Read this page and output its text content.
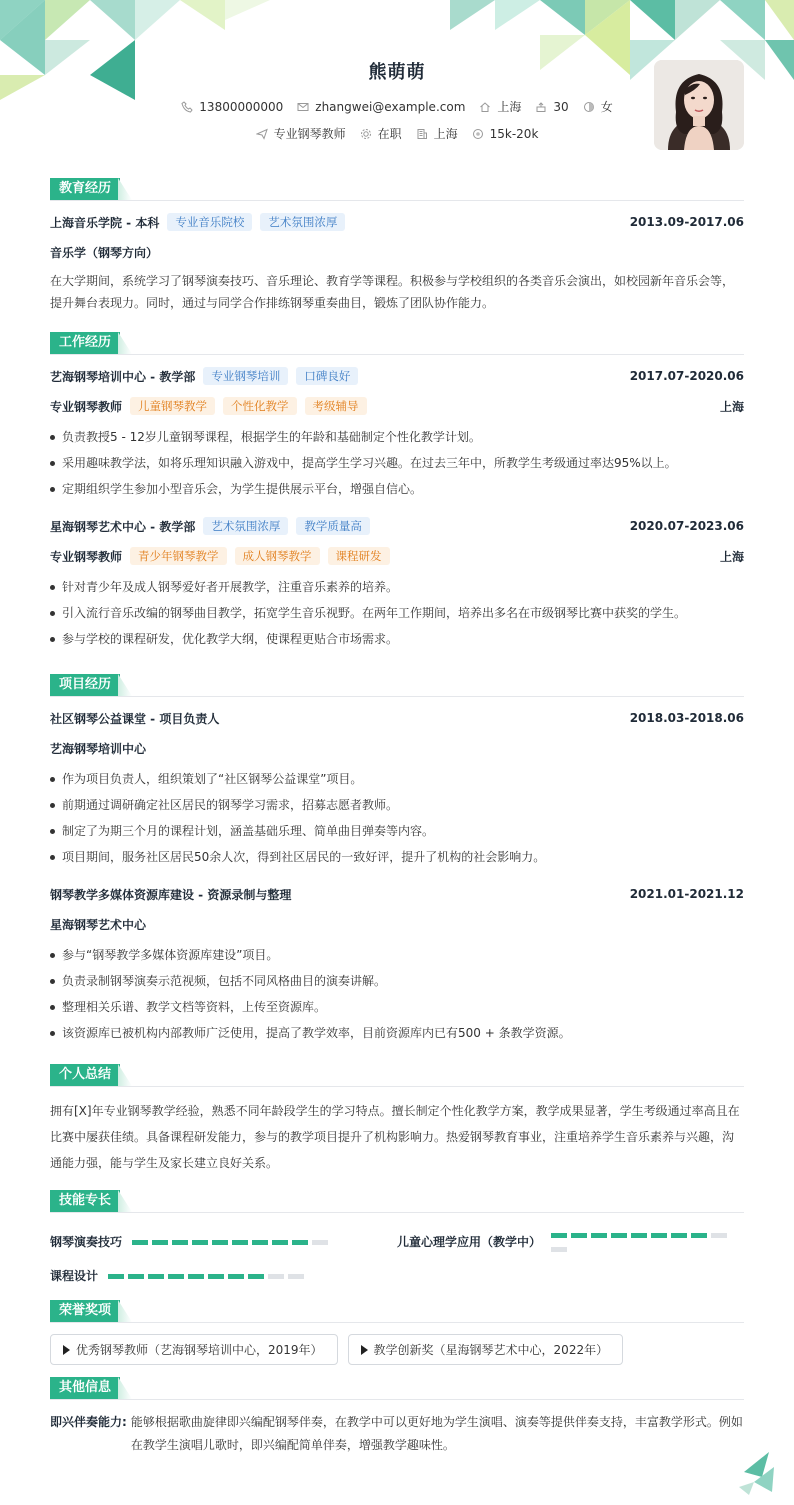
熊萌萌
13800000000	zhangwei@example.com	上海	30	女
专业钢琴教师	在职	上海	15k-20k
教育经历
上海音乐学院 - 本科	专业音乐院校	艺术氛围浓厚	2013.09-2017.06
音乐学（钢琴方向）

在大学期间，系统学习了钢琴演奏技巧、音乐理论、教育学等课程。积极参与学校组织的各类音乐会演出，如校园新年音乐会等，提升舞台表现力。同时，通过与同学合作排练钢琴重奏曲目，锻炼了团队协作能力。

工作经历
艺海钢琴培训中心 - 教学部	专业钢琴培训	口碑良好	2017.07-2020.06
专业钢琴教师	儿童钢琴教学	个性化教学	考级辅导	上海
负责教授5 - 12岁儿童钢琴课程，根据学生的年龄和基础制定个性化教学计划。
采用趣味教学法，如将乐理知识融入游戏中，提高学生学习兴趣。在过去三年中，所教学生考级通过率达95%以上。
定期组织学生参加小型音乐会，为学生提供展示平台，增强自信心。
星海钢琴艺术中心 - 教学部	艺术氛围浓厚	教学质量高	2020.07-2023.06
专业钢琴教师	青少年钢琴教学	成人钢琴教学	课程研发	上海
针对青少年及成人钢琴爱好者开展教学，注重音乐素养的培养。
引入流行音乐改编的钢琴曲目教学，拓宽学生音乐视野。在两年工作期间，培养出多名在市级钢琴比赛中获奖的学生。
参与学校的课程研发，优化教学大纲，使课程更贴合市场需求。
项目经历
社区钢琴公益课堂 - 项目负责人	2018.03-2018.06
艺海钢琴培训中心
作为项目负责人，组织策划了“社区钢琴公益课堂”项目。
前期通过调研确定社区居民的钢琴学习需求，招募志愿者教师。
制定了为期三个月的课程计划，涵盖基础乐理、简单曲目弹奏等内容。
项目期间，服务社区居民50余人次，得到社区居民的一致好评，提升了机构的社会影响力。
钢琴教学多媒体资源库建设 - 资源录制与整理	2021.01-2021.12
星海钢琴艺术中心
参与“钢琴教学多媒体资源库建设”项目。
负责录制钢琴演奏示范视频，包括不同风格曲目的演奏讲解。
整理相关乐谱、教学文档等资料，上传至资源库。
该资源库已被机构内部教师广泛使用，提高了教学效率，目前资源库内已有500 + 条教学资源。
个人总结

拥有[X]年专业钢琴教学经验，熟悉不同年龄段学生的学习特点。擅长制定个性化教学方案，教学成果显著，学生考级通过率高且在比赛中屡获佳绩。具备课程研发能力，参与的教学项目提升了机构影响力。热爱钢琴教育事业，注重培养学生音乐素养与兴趣，沟通能力强，能与学生及家长建立良好关系。

技能专长
钢琴演奏技巧	儿童心理学应用（教学中）
课程设计
荣誉奖项
优秀钢琴教师（艺海钢琴培训中心，2019年）	教学创新奖（星海钢琴艺术中心，2022年）
其他信息
即兴伴奏能力: 能够根据歌曲旋律即兴编配钢琴伴奏，在教学中可以更好地为学生演唱、演奏等提供伴奏支持，丰富教学形式。例如在教学生演唱儿歌时，即兴编配简单伴奏，增强教学趣味性。
